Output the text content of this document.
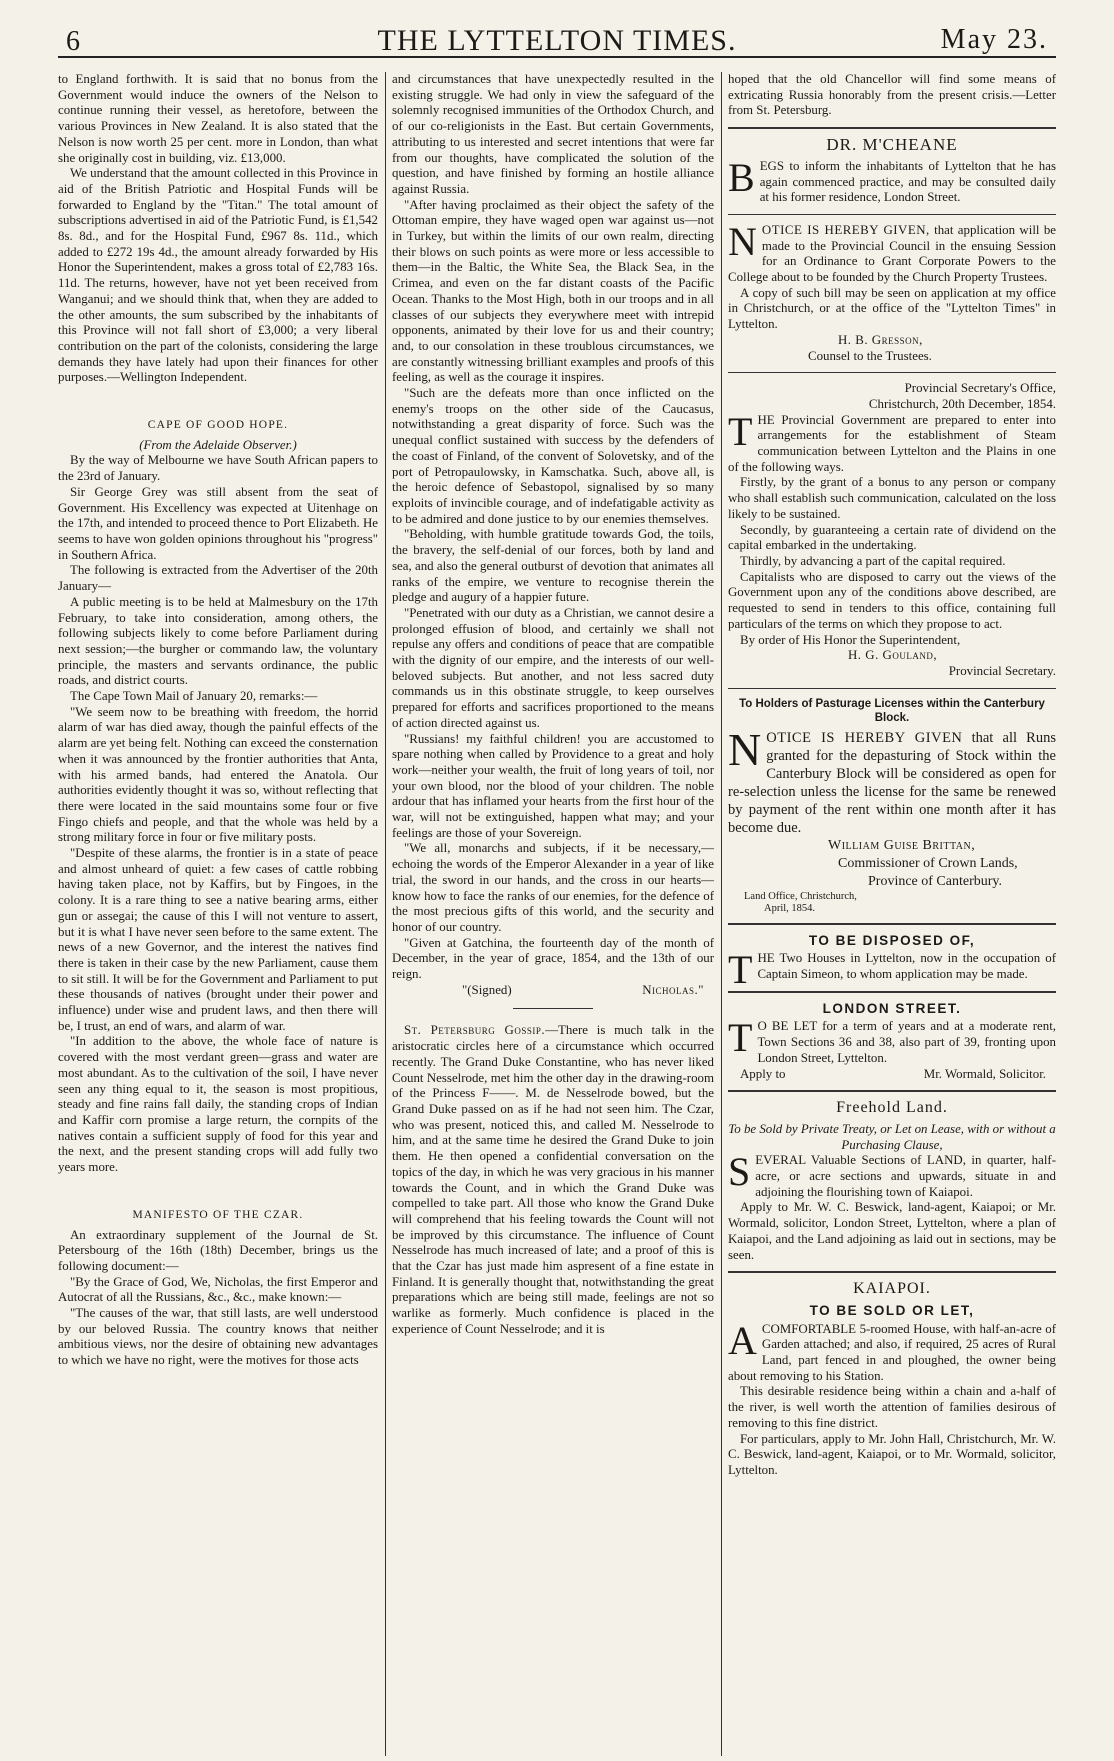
6	THE LYTTELTON TIMES.	May 23.

to England forthwith. It is said that no bonus from the Government would induce the owners of the Nelson to continue running their vessel, as heretofore, between the various Provinces in New Zealand. It is also stated that the Nelson is now worth 25 per cent. more in London, than what she originally cost in building, viz. £13,000.

We understand that the amount collected in this Province in aid of the British Patriotic and Hospital Funds will be forwarded to England by the "Titan." The total amount of subscriptions advertised in aid of the Patriotic Fund, is £1,542 8s. 8d., and for the Hospital Fund, £967 8s. 11d., which added to £272 19s 4d., the amount already forwarded by His Honor the Superintendent, makes a gross total of £2,783 16s. 11d. The returns, however, have not yet been received from Wanganui; and we should think that, when they are added to the other amounts, the sum subscribed by the inhabitants of this Province will not fall short of £3,000; a very liberal contribution on the part of the colonists, considering the large demands they have lately had upon their finances for other purposes.—Wellington Independent.

CAPE OF GOOD HOPE.

(From the Adelaide Observer.)

By the way of Melbourne we have South African papers to the 23rd of January.

Sir George Grey was still absent from the seat of Government. His Excellency was expected at Uitenhage on the 17th, and intended to proceed thence to Port Elizabeth. He seems to have won golden opinions throughout his "progress" in Southern Africa.

The following is extracted from the Advertiser of the 20th January—

A public meeting is to be held at Malmesbury on the 17th February, to take into consideration, among others, the following subjects likely to come before Parliament during next session;—the burgher or commando law, the voluntary principle, the masters and servants ordinance, the public roads, and district courts.

The Cape Town Mail of January 20, remarks:—

"We seem now to be breathing with freedom, the horrid alarm of war has died away, though the painful effects of the alarm are yet being felt. Nothing can exceed the consternation when it was announced by the frontier authorities that Anta, with his armed bands, had entered the Anatola. Our authorities evidently thought it was so, without reflecting that there were located in the said mountains some four or five Fingo chiefs and people, and that the whole was held by a strong military force in four or five military posts.

"Despite of these alarms, the frontier is in a state of peace and almost unheard of quiet: a few cases of cattle robbing having taken place, not by Kaffirs, but by Fingoes, in the colony. It is a rare thing to see a native bearing arms, either gun or assegai; the cause of this I will not venture to assert, but it is what I have never seen before to the same extent. The news of a new Governor, and the interest the natives find there is taken in their case by the new Parliament, cause them to sit still. It will be for the Government and Parliament to put these thousands of natives (brought under their power and influence) under wise and prudent laws, and then there will be, I trust, an end of wars, and alarm of war.

"In addition to the above, the whole face of nature is covered with the most verdant green—grass and water are most abundant. As to the cultivation of the soil, I have never seen any thing equal to it, the season is most propitious, steady and fine rains fall daily, the standing crops of Indian and Kaffir corn promise a large return, the cornpits of the natives contain a sufficient supply of food for this year and the next, and the present standing crops will add fully two years more.

MANIFESTO OF THE CZAR.

An extraordinary supplement of the Journal de St. Petersbourg of the 16th (18th) December, brings us the following document:—

"By the Grace of God, We, Nicholas, the first Emperor and Autocrat of all the Russians, &c., &c., make known:—

"The causes of the war, that still lasts, are well understood by our beloved Russia. The country knows that neither ambitious views, nor the desire of obtaining new advantages to which we have no right, were the motives for those acts

and circumstances that have unexpectedly resulted in the existing struggle. We had only in view the safeguard of the solemnly recognised immunities of the Orthodox Church, and of our co-religionists in the East. But certain Governments, attributing to us interested and secret intentions that were far from our thoughts, have complicated the solution of the question, and have finished by forming an hostile alliance against Russia.

"After having proclaimed as their object the safety of the Ottoman empire, they have waged open war against us—not in Turkey, but within the limits of our own realm, directing their blows on such points as were more or less accessible to them—in the Baltic, the White Sea, the Black Sea, in the Crimea, and even on the far distant coasts of the Pacific Ocean. Thanks to the Most High, both in our troops and in all classes of our subjects they everywhere meet with intrepid opponents, animated by their love for us and their country; and, to our consolation in these troublous circumstances, we are constantly witnessing brilliant examples and proofs of this feeling, as well as the courage it inspires.

"Such are the defeats more than once inflicted on the enemy's troops on the other side of the Caucasus, notwithstanding a great disparity of force. Such was the unequal conflict sustained with success by the defenders of the coast of Finland, of the convent of Solovetsky, and of the port of Petropaulowsky, in Kamschatka. Such, above all, is the heroic defence of Sebastopol, signalised by so many exploits of invincible courage, and of indefatigable activity as to be admired and done justice to by our enemies themselves.

"Beholding, with humble gratitude towards God, the toils, the bravery, the self-denial of our forces, both by land and sea, and also the general outburst of devotion that animates all ranks of the empire, we venture to recognise therein the pledge and augury of a happier future.

"Penetrated with our duty as a Christian, we cannot desire a prolonged effusion of blood, and certainly we shall not repulse any offers and conditions of peace that are compatible with the dignity of our empire, and the interests of our well-beloved subjects. But another, and not less sacred duty commands us in this obstinate struggle, to keep ourselves prepared for efforts and sacrifices proportioned to the means of action directed against us.

"Russians! my faithful children! you are accustomed to spare nothing when called by Providence to a great and holy work—neither your wealth, the fruit of long years of toil, nor your own blood, nor the blood of your children. The noble ardour that has inflamed your hearts from the first hour of the war, will not be extinguished, happen what may; and your feelings are those of your Sovereign.

"We all, monarchs and subjects, if it be necessary,—echoing the words of the Emperor Alexander in a year of like trial, the sword in our hands, and the cross in our hearts—know how to face the ranks of our enemies, for the defence of the most precious gifts of this world, and the security and honor of our country.

"Given at Gatchina, the fourteenth day of the month of December, in the year of grace, 1854, and the 13th of our reign.

"(Signed)	Nicholas."

St. Petersburg Gossip.—There is much talk in the aristocratic circles here of a circumstance which occurred recently. The Grand Duke Constantine, who has never liked Count Nesselrode, met him the other day in the drawing-room of the Princess F——. M. de Nesselrode bowed, but the Grand Duke passed on as if he had not seen him. The Czar, who was present, noticed this, and called M. Nesselrode to him, and at the same time he desired the Grand Duke to join them. He then opened a confidential conversation on the topics of the day, in which he was very gracious in his manner towards the Count, and in which the Grand Duke was compelled to take part. All those who know the Grand Duke will comprehend that his feeling towards the Count will not be improved by this circumstance. The influence of Count Nesselrode has much increased of late; and a proof of this is that the Czar has just made him aspresent of a fine estate in Finland. It is generally thought that, notwithstanding the great preparations which are being still made, feelings are not so warlike as formerly. Much confidence is placed in the experience of Count Nesselrode; and it is

hoped that the old Chancellor will find some means of extricating Russia honorably from the present crisis.—Letter from St. Petersburg.

DR. M'CHEANE

BEGS to inform the inhabitants of Lyttelton that he has again commenced practice, and may be consulted daily at his former residence, London Street.

NOTICE IS HEREBY GIVEN, that application will be made to the Provincial Council in the ensuing Session for an Ordinance to Grant Corporate Powers to the College about to be founded by the Church Property Trustees.

A copy of such bill may be seen on application at my office in Christchurch, or at the office of the "Lyttelton Times" in Lyttelton.

H. B. Gresson,

Counsel to the Trustees.

Provincial Secretary's Office,

Christchurch, 20th December, 1854.

THE Provincial Government are prepared to enter into arrangements for the establishment of Steam communication between Lyttelton and the Plains in one of the following ways.

Firstly, by the grant of a bonus to any person or company who shall establish such communication, calculated on the loss likely to be sustained.

Secondly, by guaranteeing a certain rate of dividend on the capital embarked in the undertaking.

Thirdly, by advancing a part of the capital required.

Capitalists who are disposed to carry out the views of the Government upon any of the conditions above described, are requested to send in tenders to this office, containing full particulars of the terms on which they propose to act.

By order of His Honor the Superintendent,

H. G. Gouland,

Provincial Secretary.

To Holders of Pasturage Licenses within the Canterbury Block.

NOTICE IS HEREBY GIVEN that all Runs granted for the depasturing of Stock within the Canterbury Block will be considered as open for re-selection unless the license for the same be renewed by payment of the rent within one month after it has become due.

William Guise Brittan,

Commissioner of Crown Lands,

Province of Canterbury.

Land Office, Christchurch,

April, 1854.

TO BE DISPOSED OF,

THE Two Houses in Lyttelton, now in the occupation of Captain Simeon, to whom application may be made.

LONDON STREET.

T O BE LET for a term of years and at a moderate rent, Town Sections 36 and 38, also part of 39, fronting upon London Street, Lyttelton.

Apply to	Mr. Wormald, Solicitor.

Freehold Land.

To be Sold by Private Treaty, or Let on Lease, with or without a Purchasing Clause,

SEVERAL Valuable Sections of LAND, in quarter, half-acre, or acre sections and upwards, situate in and adjoining the flourishing town of Kaiapoi.

Apply to Mr. W. C. Beswick, land-agent, Kaiapoi; or Mr. Wormald, solicitor, London Street, Lyttelton, where a plan of Kaiapoi, and the Land adjoining as laid out in sections, may be seen.

KAIAPOI.
TO BE SOLD OR LET,

ACOMFORTABLE 5-roomed House, with half-an-acre of Garden attached; and also, if required, 25 acres of Rural Land, part fenced in and ploughed, the owner being about removing to his Station.

This desirable residence being within a chain and a-half of the river, is well worth the attention of families desirous of removing to this fine district.

For particulars, apply to Mr. John Hall, Christchurch, Mr. W. C. Beswick, land-agent, Kaiapoi, or to Mr. Wormald, solicitor, Lyttelton.
